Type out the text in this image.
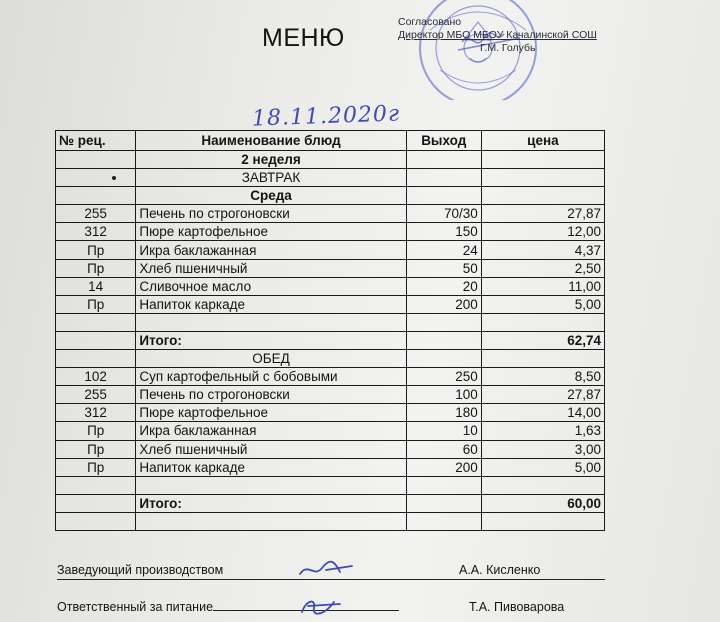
МЕНЮ
Согласовано
Директор МБО МБОУ Качалинской СОШ
Г.М. Голубь
18.11.2020г
№ рец.	Наименование блюд	Выход	цена
	2 неделя		
	ЗАВТРАК		
	Среда		
255	Печень по строгоновски	70/30	27,87
312	Пюре картофельное	150	12,00
Пр	Икра баклажанная	24	4,37
Пр	Хлеб пшеничный	50	2,50
14	Сливочное масло	20	11,00
Пр	Напиток каркаде	200	5,00

	Итого:		62,74
	ОБЕД		
102	Суп картофельный с бобовыми	250	8,50
255	Печень по строгоновски	100	27,87
312	Пюре картофельное	180	14,00
Пр	Икра баклажанная	10	1,63
Пр	Хлеб пшеничный	60	3,00
Пр	Напиток каркаде	200	5,00

	Итого:		60,00

Заведующий производством	А.А. Кисленко
Ответственный за питание	Т.А. Пивоварова
